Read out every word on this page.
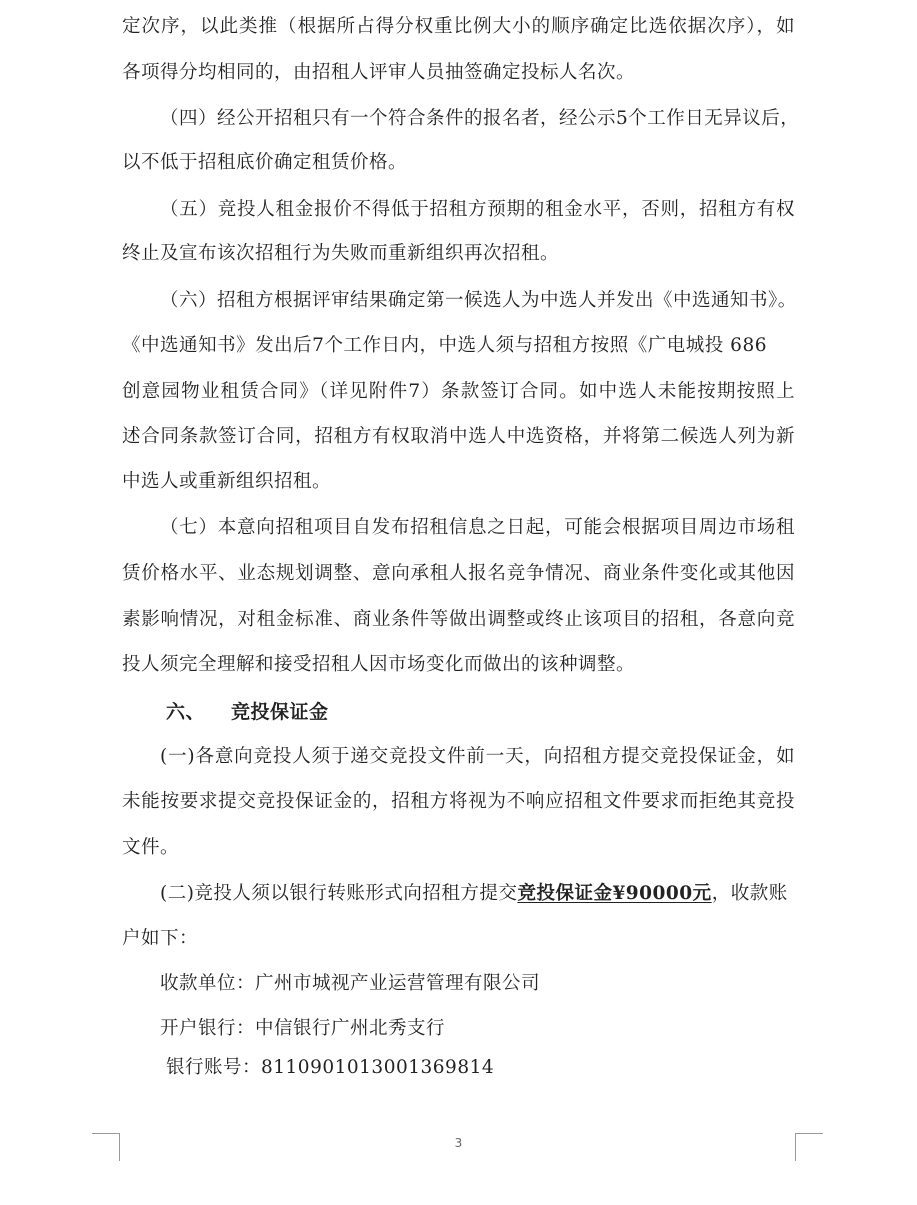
定次序，以此类推（根据所占得分权重比例大小的顺序确定比选依据次序），如
各项得分均相同的，由招租人评审人员抽签确定投标人名次。
（四）经公开招租只有一个符合条件的报名者，经公示5个工作日无异议后，
以不低于招租底价确定租赁价格。
（五）竞投人租金报价不得低于招租方预期的租金水平，否则，招租方有权
终止及宣布该次招租行为失败而重新组织再次招租。
（六）招租方根据评审结果确定第一候选人为中选人并发出《中选通知书》。
《中选通知书》发出后7个工作日内，中选人须与招租方按照《广电城投 686
创意园物业租赁合同》（详见附件7）条款签订合同。如中选人未能按期按照上
述合同条款签订合同，招租方有权取消中选人中选资格，并将第二候选人列为新
中选人或重新组织招租。
（七）本意向招租项目自发布招租信息之日起，可能会根据项目周边市场租
赁价格水平、业态规划调整、意向承租人报名竞争情况、商业条件变化或其他因
素影响情况，对租金标准、商业条件等做出调整或终止该项目的招租，各意向竞
投人须完全理解和接受招租人因市场变化而做出的该种调整。
六、 竞投保证金
(一)各意向竞投人须于递交竞投文件前一天，向招租方提交竞投保证金，如
未能按要求提交竞投保证金的，招租方将视为不响应招租文件要求而拒绝其竞投
文件。
(二)竞投人须以银行转账形式向招租方提交竞投保证金¥90000元，收款账
户如下：
收款单位：广州市城视产业运营管理有限公司
开户银行：中信银行广州北秀支行
银行账号：8110901013001369814
3
